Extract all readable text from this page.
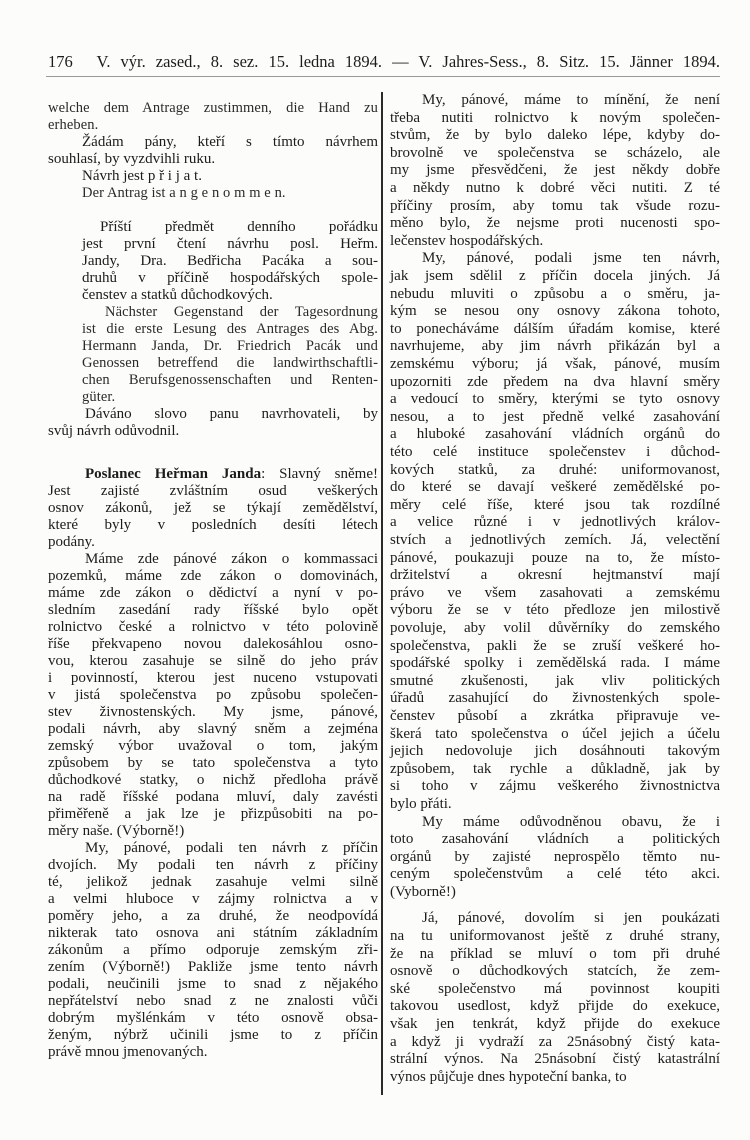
176 V. výr. zased., 8. sez. 15. ledna 1894. — V. Jahres-Sess., 8. Sitz. 15. Jänner 1894.
welche dem Antrage zustimmen, die Hand zu
erheben.
Žádám pány, kteří s tímto návrhem
souhlasí, by vyzdvihli ruku.
Návrh jest p ř i j a t.
Der Antrag ist a n g e n o m m e n.
Příští předmět denního pořádku
jest první čtení návrhu posl. Heřm.
Jandy, Dra. Bedřicha Pacáka a sou-
druhů v příčině hospodářských spole-
čenstev a statků důchodkových.
Nächster Gegenstand der Tagesordnung
ist die erste Lesung des Antrages des Abg.
Hermann Janda, Dr. Friedrich Pacák und
Genossen betreffend die landwirthschaftli-
chen Berufsgenossenschaften und Renten-
güter.
Dáváno slovo panu navrhovateli, by
svůj návrh odůvodnil.
Poslanec Heřman Janda: Slavný sněme!
Jest zajisté zvláštním osud veškerých
osnov zákonů, jež se týkají zemědělství,
které byly v posledních desíti létech
podány.
Máme zde pánové zákon o kommassaci
pozemků, máme zde zákon o domovinách,
máme zde zákon o dědictví a nyní v po-
sledním zasedání rady říšské bylo opět
rolnictvo české a rolnictvo v této polovině
říše překvapeno novou dalekosáhlou osno-
vou, kterou zasahuje se silně do jeho práv
i povinností, kterou jest nuceno vstupovati
v jistá společenstva po způsobu společen-
stev živnostenských. My jsme, pánové,
podali návrh, aby slavný sněm a zejména
zemský výbor uvažoval o tom, jakým
způsobem by se tato společenstva a tyto
důchodkové statky, o nichž předloha právě
na radě říšské podana mluví, daly zavésti
přiměřeně a jak lze je přizpůsobiti na po-
měry naše. (Výborně!)
My, pánové, podali ten návrh z příčin
dvojích. My podali ten návrh z příčiny
té, jelikož jednak zasahuje velmi silně
a velmi hluboce v zájmy rolnictva a v
poměry jeho, a za druhé, že neodpovídá
nikterak tato osnova ani státním základním
zákonům a přímo odporuje zemským zři-
zením (Výborně!) Pakliže jsme tento návrh
podali, neučinili jsme to snad z nějakého
nepřátelství nebo snad z ne znalosti vůči
dobrým myšlénkám v této osnově obsa-
ženým, nýbrž učinili jsme to z příčin
právě mnou jmenovaných.
My, pánové, máme to mínění, že není
třeba nutiti rolnictvo k novým společen-
stvům, že by bylo daleko lépe, kdyby do-
brovolně ve společenstva se scházelo, ale
my jsme přesvědčeni, že jest někdy dobře
a někdy nutno k dobré věci nutiti. Z té
příčiny prosím, aby tomu tak všude rozu-
měno bylo, že nejsme proti nucenosti spo-
lečenstev hospodářských.
My, pánové, podali jsme ten návrh,
jak jsem sdělil z příčin docela jiných. Já
nebudu mluviti o způsobu a o směru, ja-
kým se nesou ony osnovy zákona tohoto,
to ponecháváme dálším úřadám komise, které
navrhujeme, aby jim návrh přikázán byl a
zemskému výboru; já však, pánové, musím
upozorniti zde předem na dva hlavní směry
a vedoucí to směry, kterými se tyto osnovy
nesou, a to jest předně velké zasahování
a hluboké zasahování vládních orgánů do
této celé instituce společenstev i důchod-
kových statků, za druhé: uniformovanost,
do které se davají veškeré zemědělské po-
měry celé říše, které jsou tak rozdílné
a velice různé i v jednotlivých králov-
stvích a jednotlivých zemích. Já, velectění
pánové, poukazuji pouze na to, že místo-
držitelství a okresní hejtmanství mají
právo ve všem zasahovati a zemskému
výboru že se v této předloze jen milostivě
povoluje, aby volil důvěrníky do zemského
společenstva, pakli že se zruší veškeré ho-
spodářské spolky i zemědělská rada. I máme
smutné zkušenosti, jak vliv politických
úřadů zasahující do živnostenkých spole-
čenstev působí a zkrátka připravuje ve-
škerá tato společenstva o účel jejich a účelu
jejich nedovoluje jich dosáhnouti takovým
způsobem, tak rychle a důkladně, jak by
si toho v zájmu veškerého živnostnictva
bylo přáti.
My máme odůvodněnou obavu, že i
toto zasahování vládních a politických
orgánů by zajisté neprospělo těmto nu-
ceným společenstvům a celé této akci.
(Vyborně!)
Já, pánové, dovolím si jen poukázati
na tu uniformovanost ještě z druhé strany,
že na příklad se mluví o tom při druhé
osnově o důchodkových statcích, že zem-
ské společenstvo má povinnost koupiti
takovou usedlost, když přijde do exekuce,
však jen tenkrát, když přijde do exekuce
a když ji vydraží za 25násobný čistý kata-
strální výnos. Na 25násobní čistý katastrální
výnos půjčuje dnes hypoteční banka, to
